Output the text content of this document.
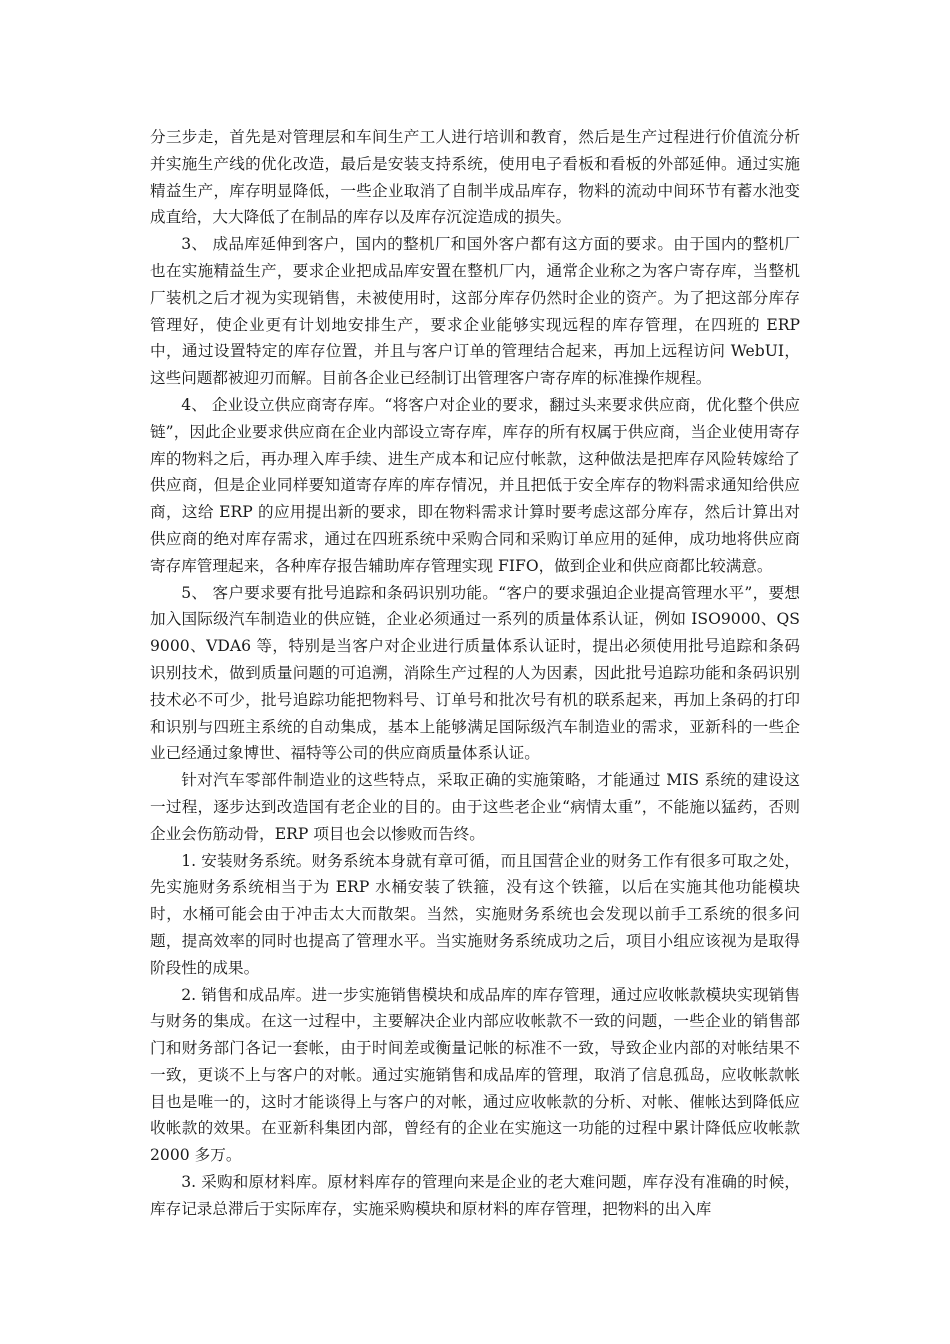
分三步走，首先是对管理层和车间生产工人进行培训和教育，然后是生产过程进行价值流分析并实施生产线的优化改造，最后是安装支持系统，使用电子看板和看板的外部延伸。通过实施精益生产，库存明显降低，一些企业取消了自制半成品库存，物料的流动中间环节有蓄水池变成直给，大大降低了在制品的库存以及库存沉淀造成的损失。

3、 成品库延伸到客户，国内的整机厂和国外客户都有这方面的要求。由于国内的整机厂也在实施精益生产，要求企业把成品库安置在整机厂内，通常企业称之为客户寄存库，当整机厂装机之后才视为实现销售，未被使用时，这部分库存仍然时企业的资产。为了把这部分库存管理好，使企业更有计划地安排生产，要求企业能够实现远程的库存管理，在四班的 ERP 中，通过设置特定的库存位置，并且与客户订单的管理结合起来，再加上远程访问 WebUI，这些问题都被迎刃而解。目前各企业已经制订出管理客户寄存库的标准操作规程。

4、 企业设立供应商寄存库。“将客户对企业的要求，翻过头来要求供应商，优化整个供应链”，因此企业要求供应商在企业内部设立寄存库，库存的所有权属于供应商，当企业使用寄存库的物料之后，再办理入库手续、进生产成本和记应付帐款，这种做法是把库存风险转嫁给了供应商，但是企业同样要知道寄存库的库存情况，并且把低于安全库存的物料需求通知给供应商，这给 ERP 的应用提出新的要求，即在物料需求计算时要考虑这部分库存，然后计算出对供应商的绝对库存需求，通过在四班系统中采购合同和采购订单应用的延伸，成功地将供应商寄存库管理起来，各种库存报告辅助库存管理实现 FIFO，做到企业和供应商都比较满意。

5、 客户要求要有批号追踪和条码识别功能。“客户的要求强迫企业提高管理水平”，要想加入国际级汽车制造业的供应链，企业必须通过一系列的质量体系认证，例如 ISO9000、QS9000、VDA6 等，特别是当客户对企业进行质量体系认证时，提出必须使用批号追踪和条码识别技术，做到质量问题的可追溯，消除生产过程的人为因素，因此批号追踪功能和条码识别技术必不可少，批号追踪功能把物料号、订单号和批次号有机的联系起来，再加上条码的打印和识别与四班主系统的自动集成，基本上能够满足国际级汽车制造业的需求，亚新科的一些企业已经通过象博世、福特等公司的供应商质量体系认证。

针对汽车零部件制造业的这些特点，采取正确的实施策略，才能通过 MIS 系统的建设这一过程，逐步达到改造国有老企业的目的。由于这些老企业“病情太重”，不能施以猛药，否则企业会伤筋动骨，ERP 项目也会以惨败而告终。

1. 安装财务系统。财务系统本身就有章可循，而且国营企业的财务工作有很多可取之处，先实施财务系统相当于为 ERP 水桶安装了铁箍，没有这个铁箍，以后在实施其他功能模块时，水桶可能会由于冲击太大而散架。当然，实施财务系统也会发现以前手工系统的很多问题，提高效率的同时也提高了管理水平。当实施财务系统成功之后，项目小组应该视为是取得阶段性的成果。

2. 销售和成品库。进一步实施销售模块和成品库的库存管理，通过应收帐款模块实现销售与财务的集成。在这一过程中，主要解决企业内部应收帐款不一致的问题，一些企业的销售部门和财务部门各记一套帐，由于时间差或衡量记帐的标准不一致，导致企业内部的对帐结果不一致，更谈不上与客户的对帐。通过实施销售和成品库的管理，取消了信息孤岛，应收帐款帐目也是唯一的，这时才能谈得上与客户的对帐，通过应收帐款的分析、对帐、催帐达到降低应收帐款的效果。在亚新科集团内部，曾经有的企业在实施这一功能的过程中累计降低应收帐款 2000 多万。

3. 采购和原材料库。原材料库存的管理向来是企业的老大难问题，库存没有准确的时候，库存记录总滞后于实际库存，实施采购模块和原材料的库存管理，把物料的出入库
